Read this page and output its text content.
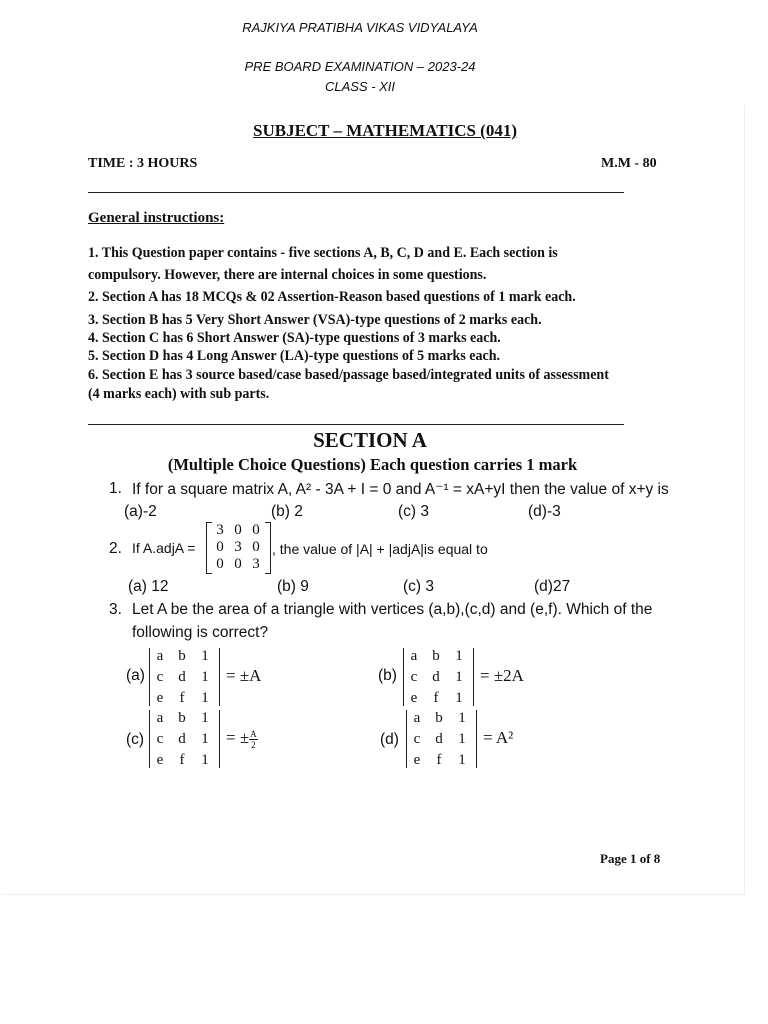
RAJKIYA PRATIBHA VIKAS VIDYALAYA
PRE BOARD EXAMINATION – 2023-24
CLASS - XII
SUBJECT – MATHEMATICS (041)
TIME : 3 HOURS	M.M - 80
General instructions:
1. This Question paper contains - five sections A, B, C, D and E. Each section is
compulsory. However, there are internal choices in some questions.
2. Section A has 18 MCQs & 02 Assertion-Reason based questions of 1 mark each.
3. Section B has 5 Very Short Answer (VSA)-type questions of 2 marks each.
4. Section C has 6 Short Answer (SA)-type questions of 3 marks each.
5. Section D has 4 Long Answer (LA)-type questions of 5 marks each.
6. Section E has 3 source based/case based/passage based/integrated units of assessment
(4 marks each) with sub parts.
SECTION A
(Multiple Choice Questions) Each question carries 1 mark
1. If for a square matrix A, A² - 3A + I = 0 and A⁻¹ = xA+yI then the value of x+y is
(a)-2	(b) 2	(c) 3	(d)-3
2. If A.adjA =
3 0 0
0 3 0
0 0 3
, the value of |A| + |adjA|is equal to
(a) 12	(b) 9	(c) 3	(d)27
3. Let A be the area of a triangle with vertices (a,b),(c,d) and (e,f). Which of the
following is correct?
(a)
a b	1
c d	1
e	f	1
= ±A	(b)
a b	1
c d	1
e	f	1
= ±2A
(c)
a b	1
c d	1
e	f	1
= ± $\frac{A}{2}$	(d)
a b	1
c d	1
e	f	1
= A²
Page 1 of 8
